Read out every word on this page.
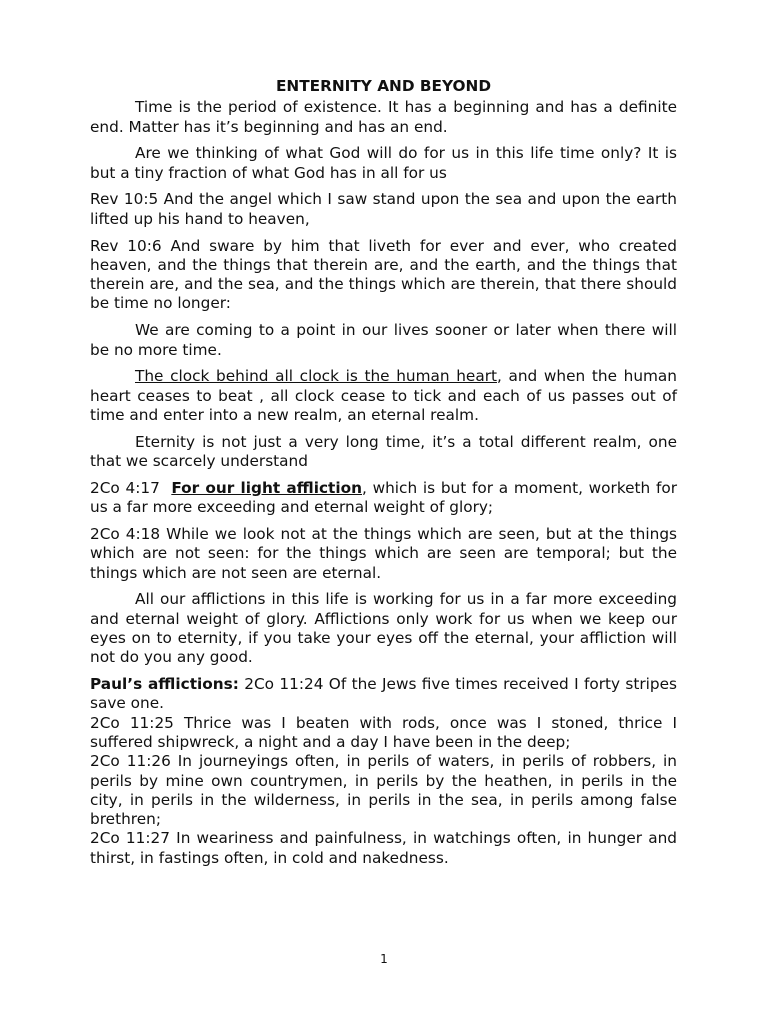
ENTERNITY AND BEYOND

Time is the period of existence. It has a beginning and has a definite end. Matter has it’s beginning and has an end.

Are we thinking of what God will do for us in this life time only? It is but a tiny fraction of what God has in all for us

Rev 10:5 And the angel which I saw stand upon the sea and upon the earth lifted up his hand to heaven,

Rev 10:6 And sware by him that liveth for ever and ever, who created heaven, and the things that therein are, and the earth, and the things that therein are, and the sea, and the things which are therein, that there should be time no longer:

We are coming to a point in our lives sooner or later when there will be no more time.

The clock behind all clock is the human heart, and when the human heart ceases to beat , all clock cease to tick and each of us passes out of time and enter into a new realm, an eternal realm.

Eternity is not just a very long time, it’s a total different realm, one that we scarcely understand

2Co 4:17  For our light affliction, which is but for a moment, worketh for us a far more exceeding and eternal weight of glory;

2Co 4:18 While we look not at the things which are seen, but at the things which are not seen: for the things which are seen are temporal; but the things which are not seen are eternal.

All our afflictions in this life is working for us in a far more exceeding and eternal weight of glory. Afflictions only work for us when we keep our eyes on to eternity, if you take your eyes off the eternal, your affliction will not do you any good.

Paul’s afflictions: 2Co 11:24 Of the Jews five times received I forty stripes save one.

2Co 11:25 Thrice was I beaten with rods, once was I stoned, thrice I suffered shipwreck, a night and a day I have been in the deep;

2Co 11:26 In journeyings often, in perils of waters, in perils of robbers, in perils by mine own countrymen, in perils by the heathen, in perils in the city, in perils in the wilderness, in perils in the sea, in perils among false brethren;

2Co 11:27 In weariness and painfulness, in watchings often, in hunger and thirst, in fastings often, in cold and nakedness.

1
